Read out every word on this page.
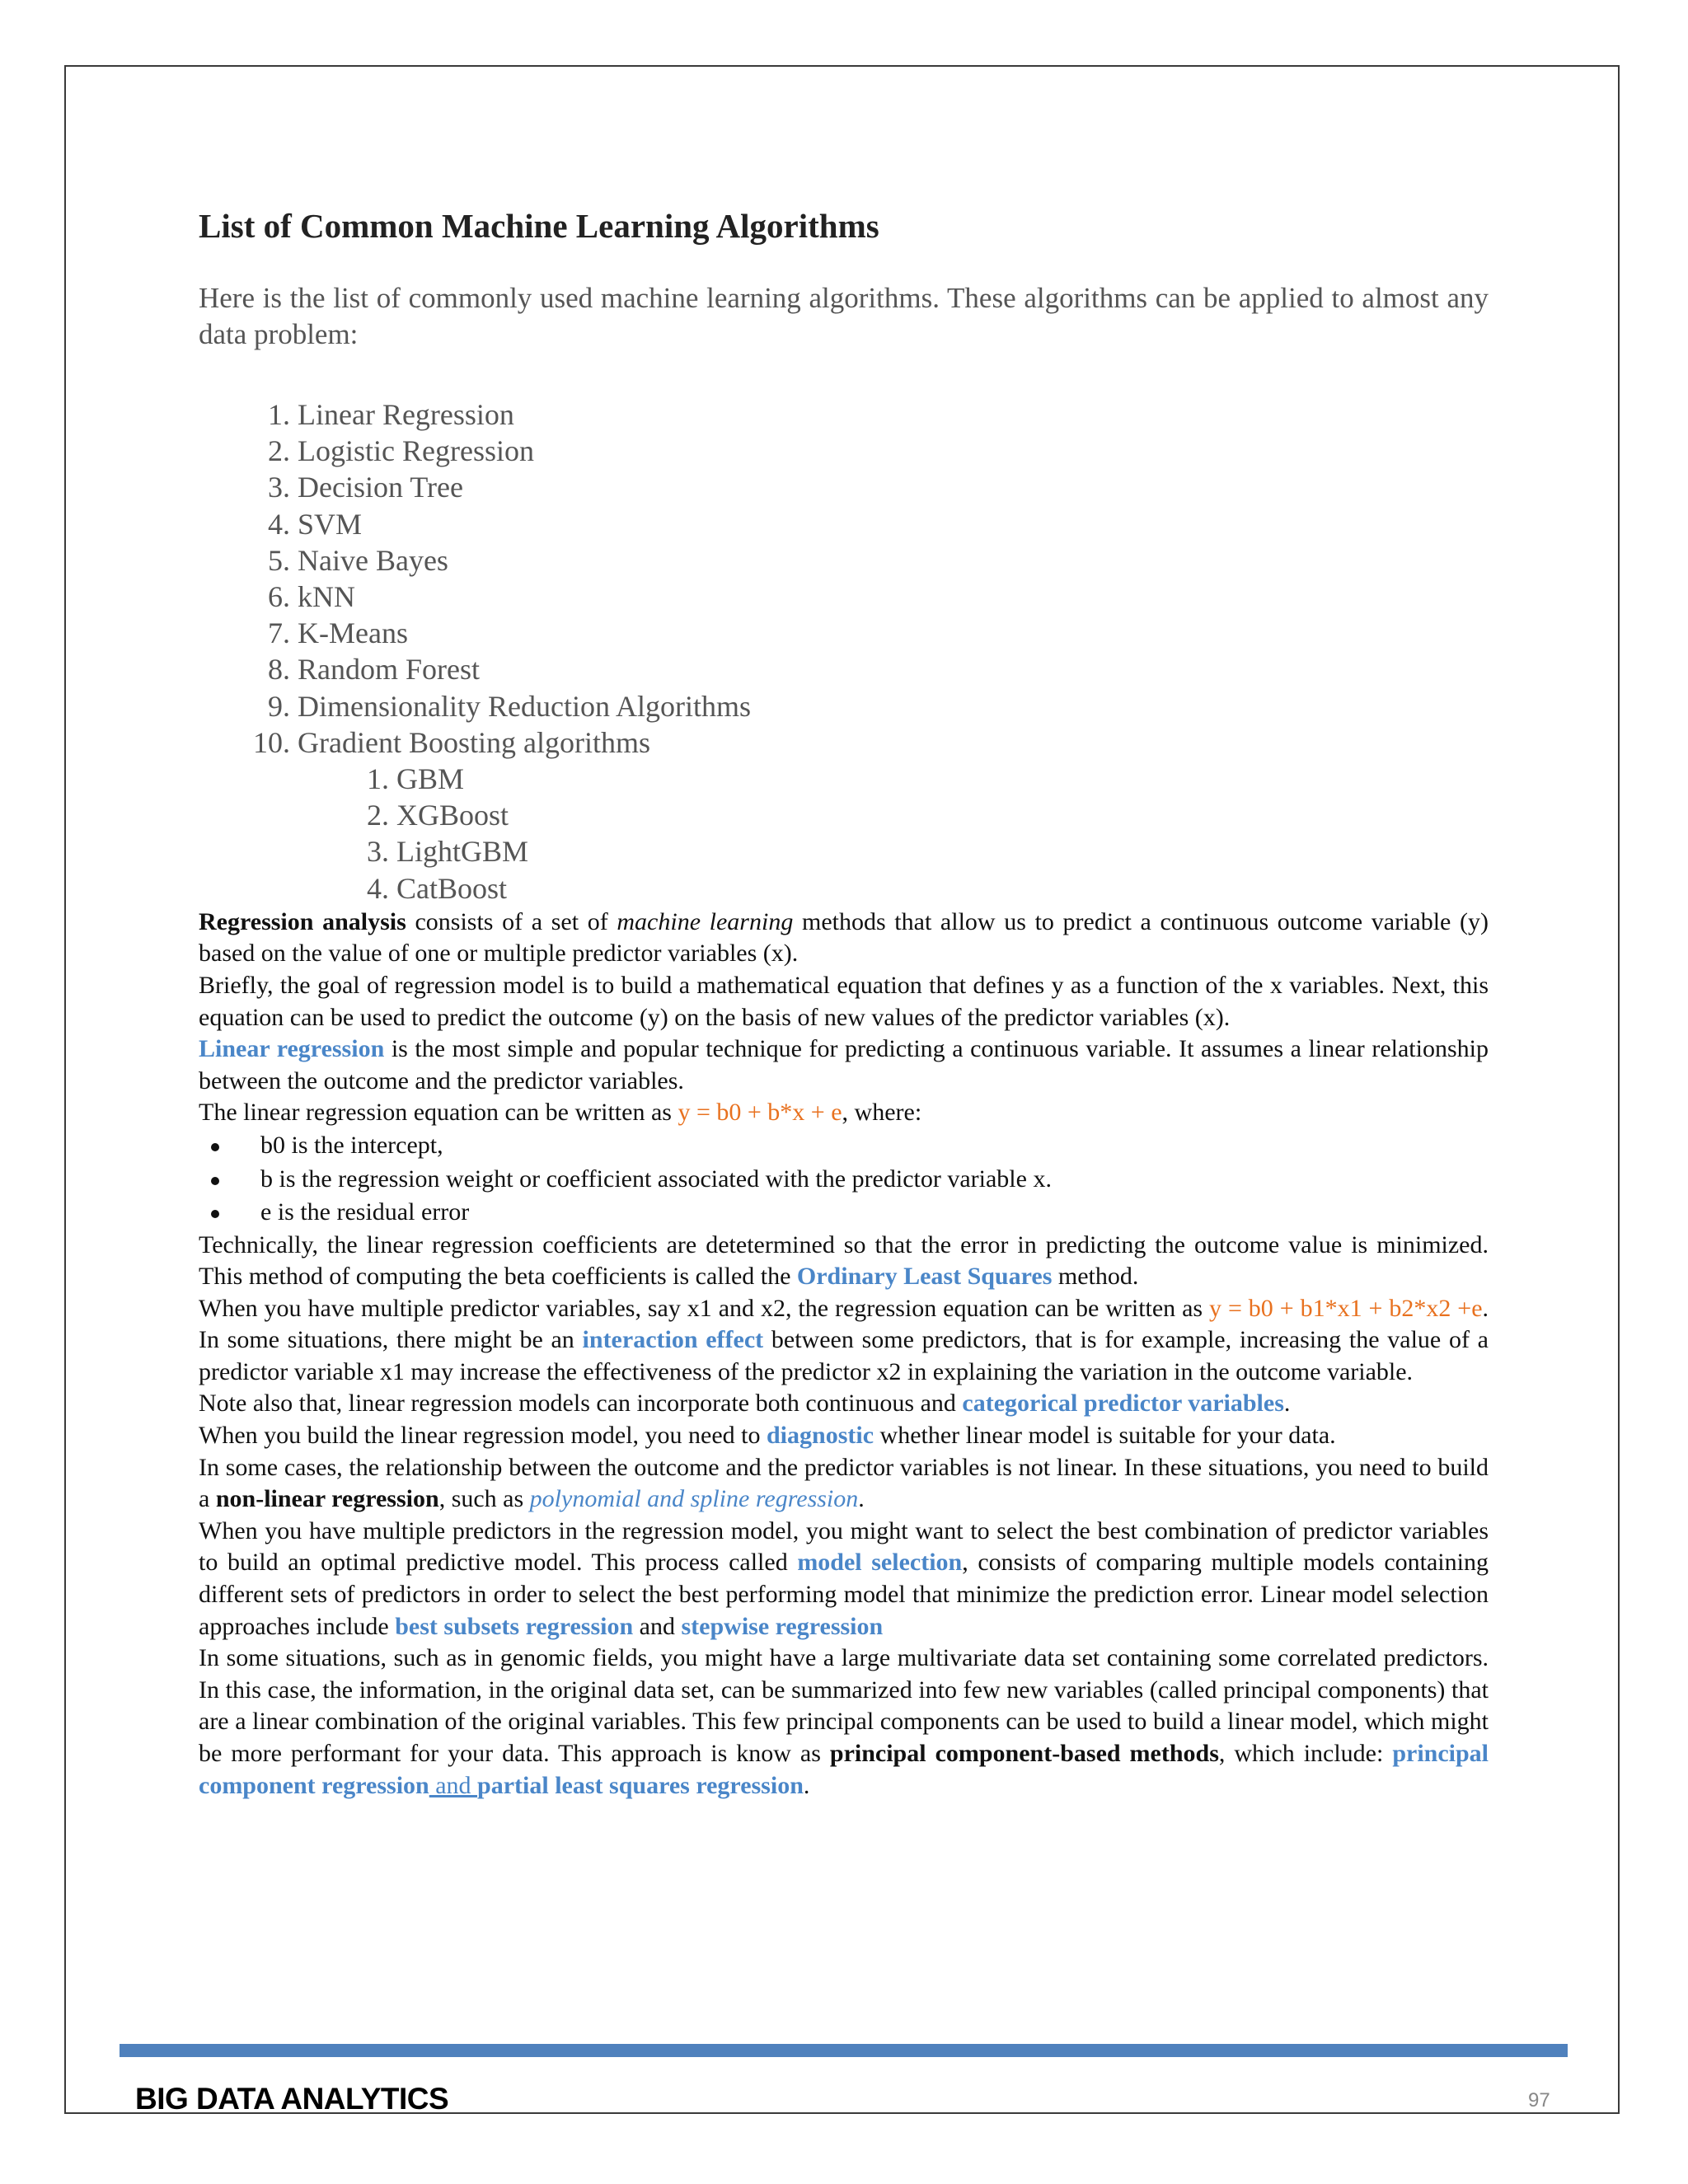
List of Common Machine Learning Algorithms
Here is the list of commonly used machine learning algorithms. These algorithms can be applied to almost any data problem:
1. Linear Regression
2. Logistic Regression
3. Decision Tree
4. SVM
5. Naive Bayes
6. kNN
7. K-Means
8. Random Forest
9. Dimensionality Reduction Algorithms
10. Gradient Boosting algorithms
1. GBM
2. XGBoost
3. LightGBM
4. CatBoost

Regression analysis consists of a set of machine learning methods that allow us to predict a continuous outcome variable (y) based on the value of one or multiple predictor variables (x).

Briefly, the goal of regression model is to build a mathematical equation that defines y as a function of the x variables. Next, this equation can be used to predict the outcome (y) on the basis of new values of the predictor variables (x).

Linear regression is the most simple and popular technique for predicting a continuous variable. It assumes a linear relationship between the outcome and the predictor variables.

The linear regression equation can be written as y = b0 + b*x + e, where:

b0 is the intercept,
b is the regression weight or coefficient associated with the predictor variable x.
e is the residual error

Technically, the linear regression coefficients are detetermined so that the error in predicting the outcome value is minimized. This method of computing the beta coefficients is called the Ordinary Least Squares method.

When you have multiple predictor variables, say x1 and x2, the regression equation can be written as y = b0 + b1*x1 + b2*x2 +e. In some situations, there might be an interaction effect between some predictors, that is for example, increasing the value of a predictor variable x1 may increase the effectiveness of the predictor x2 in explaining the variation in the outcome variable.

Note also that, linear regression models can incorporate both continuous and categorical predictor variables.

When you build the linear regression model, you need to diagnostic whether linear model is suitable for your data.

In some cases, the relationship between the outcome and the predictor variables is not linear. In these situations, you need to build a non-linear regression, such as polynomial and spline regression.

When you have multiple predictors in the regression model, you might want to select the best combination of predictor variables to build an optimal predictive model. This process called model selection, consists of comparing multiple models containing different sets of predictors in order to select the best performing model that minimize the prediction error. Linear model selection approaches include best subsets regression and stepwise regression

In some situations, such as in genomic fields, you might have a large multivariate data set containing some correlated predictors. In this case, the information, in the original data set, can be summarized into few new variables (called principal components) that are a linear combination of the original variables. This few principal components can be used to build a linear model, which might be more performant for your data. This approach is know as principal component-based methods, which include: principal component regression and partial least squares regression.

BIG DATA ANALYTICS	97
